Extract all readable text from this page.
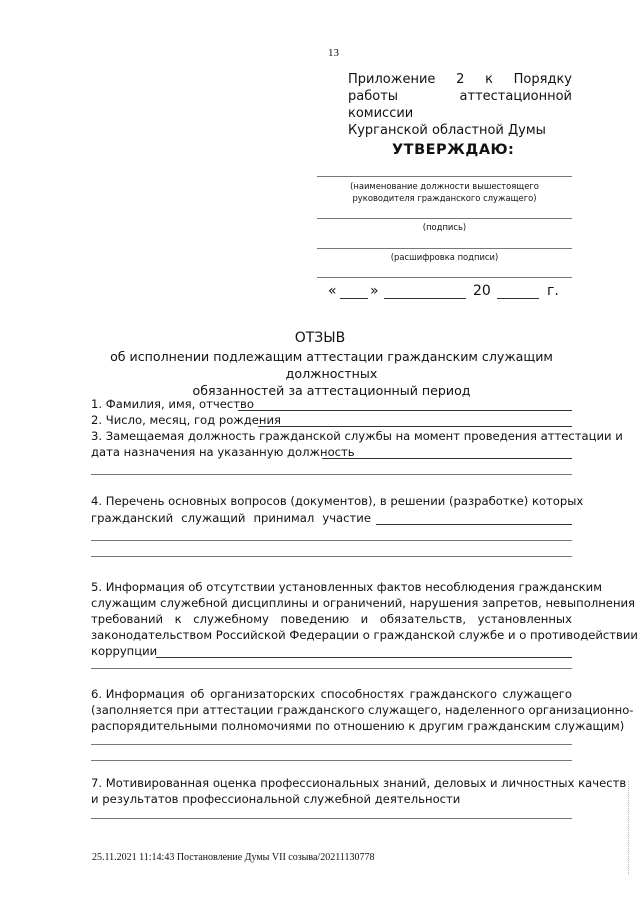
13
Приложение 2 к Порядку
работы аттестационной комиссии
Курганской областной Думы
УТВЕРЖДАЮ:
(наименование должности вышестоящего
руководителя гражданского служащего)
(подпись)
(расшифровка подписи)
« »	20	г.
ОТЗЫВ
об исполнении подлежащим аттестации гражданским служащим должностных
обязанностей за аттестационный период
1. Фамилия, имя, отчество
2. Число, месяц, год рождения
3. Замещаемая должность гражданской службы на момент проведения аттестации и
дата назначения на указанную должность
4. Перечень основных вопросов (документов), в решении (разработке) которых
гражданский служащий принимал участие
5. Информация об отсутствии установленных фактов несоблюдения гражданским
служащим служебной дисциплины и ограничений, нарушения запретов, невыполнения
требований к служебному поведению и обязательств, установленных
законодательством Российской Федерации о гражданской службе и о противодействии
коррупции
6. Информация об организаторских способностях гражданского служащего
(заполняется при аттестации гражданского служащего, наделенного организационно-
распорядительными полномочиями по отношению к другим гражданским служащим)
7. Мотивированная оценка профессиональных знаний, деловых и личностных качеств
и результатов профессиональной служебной деятельности
25.11.2021 11:14:43 Постановление Думы VII созыва/20211130778
